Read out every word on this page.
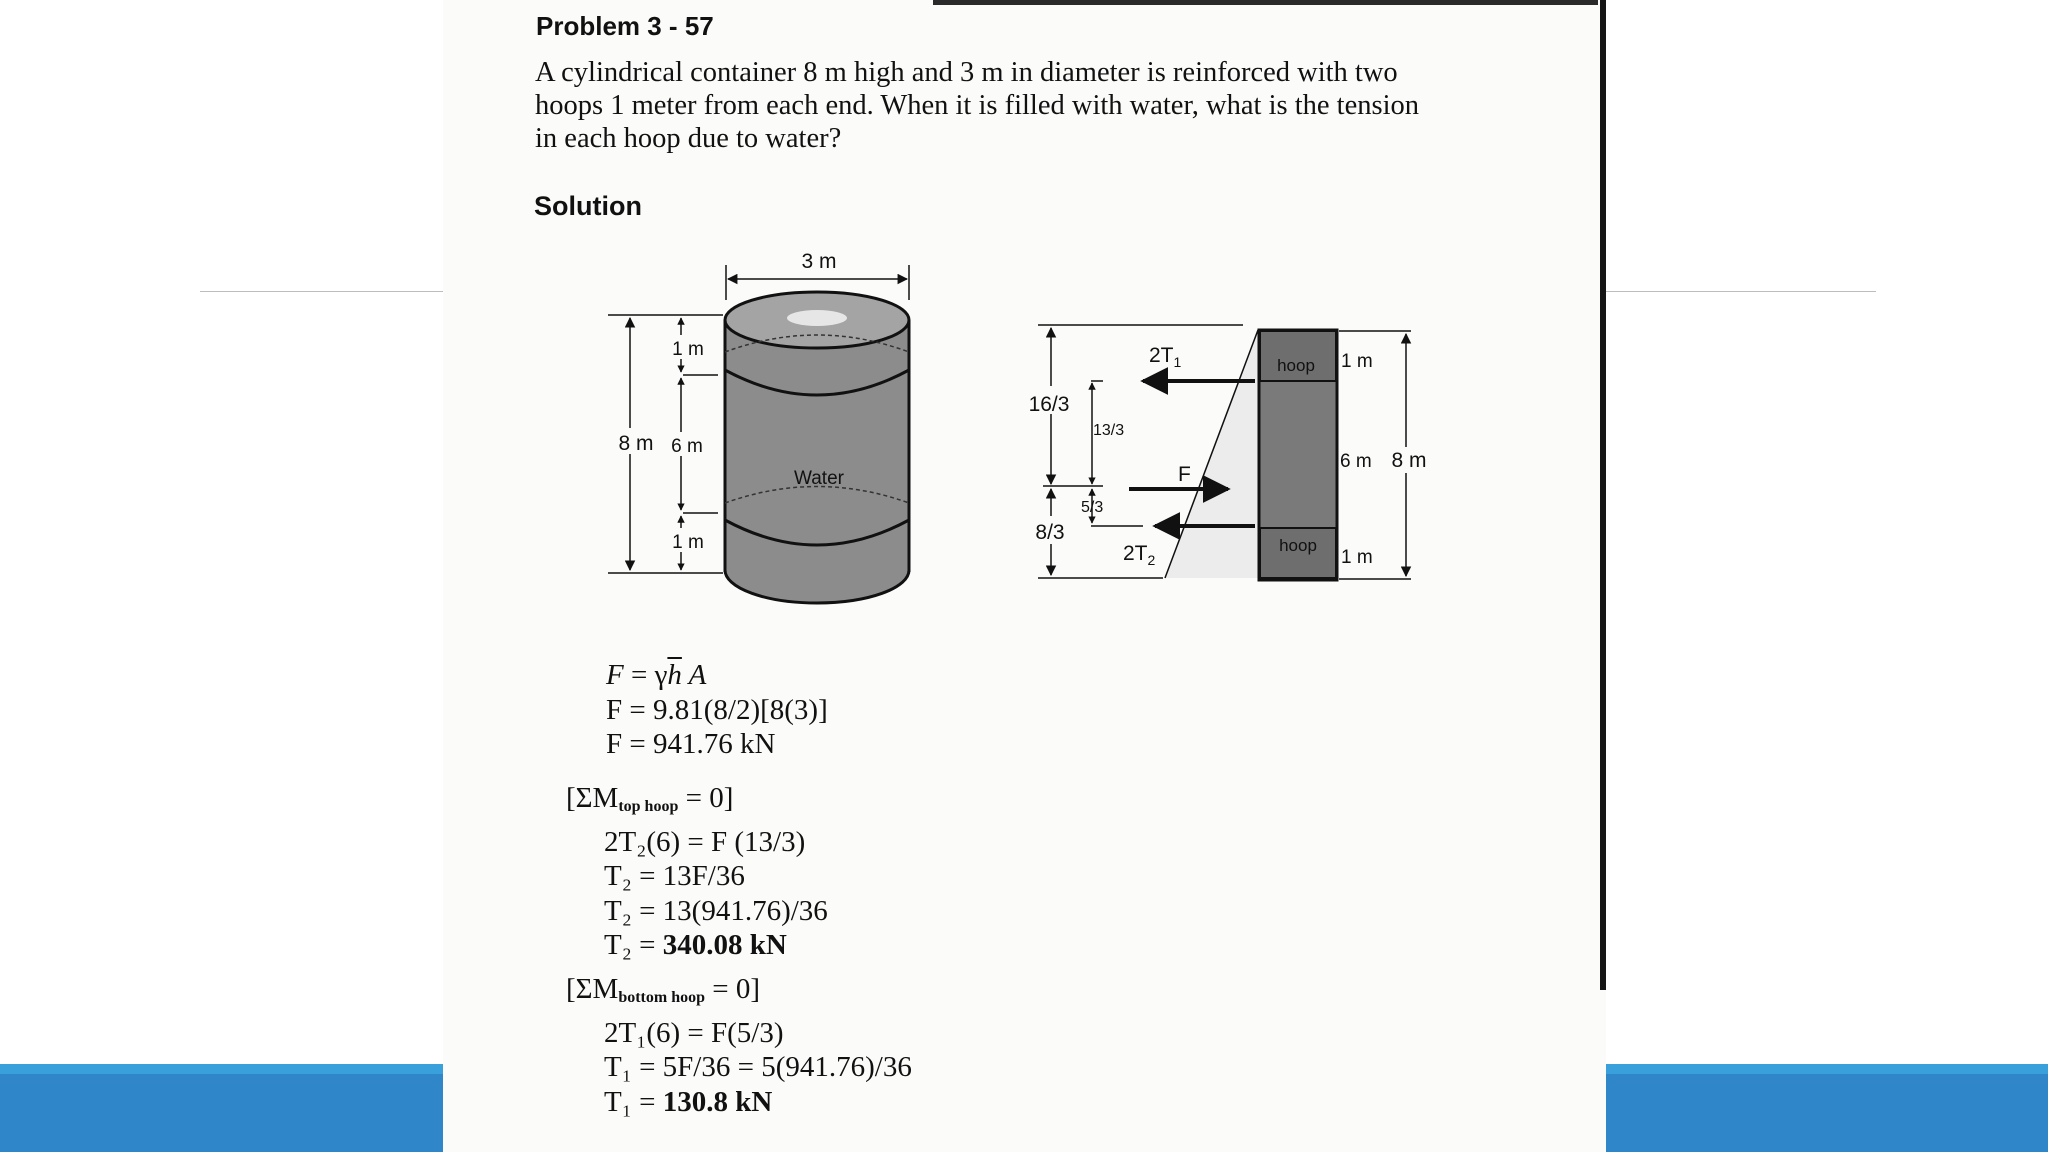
Problem 3 - 57
A cylindrical container 8 m high and 3 m in diameter is reinforced with two
hoops 1 meter from each end. When it is filled with water, what is the tension
in each hoop due to water?
Solution
Water
3 m
8 m
1 m
6 m
1 m
hoop
hoop
$2T_1$
$2T_2$
F
16/3
8/3
13/3
5/3
1 m
6 m
1 m
8 m
$F = \gamma\overline{h}$ A
F = 9.81(8/2)[8(3)]
F = 941.76 kN
$[\Sigma M_{top hoop} = 0]$
2T₂(6) = F (13/3)
T₂ = 13F/36
T₂ = 13(941.76)/36
T₂ = 340.08 kN
$[\Sigma M_{bottom hoop} = 0]$
2T₁(6) = F(5/3)
T₁ = 5F/36 = 5(941.76)/36
T₁ = 130.8 kN
